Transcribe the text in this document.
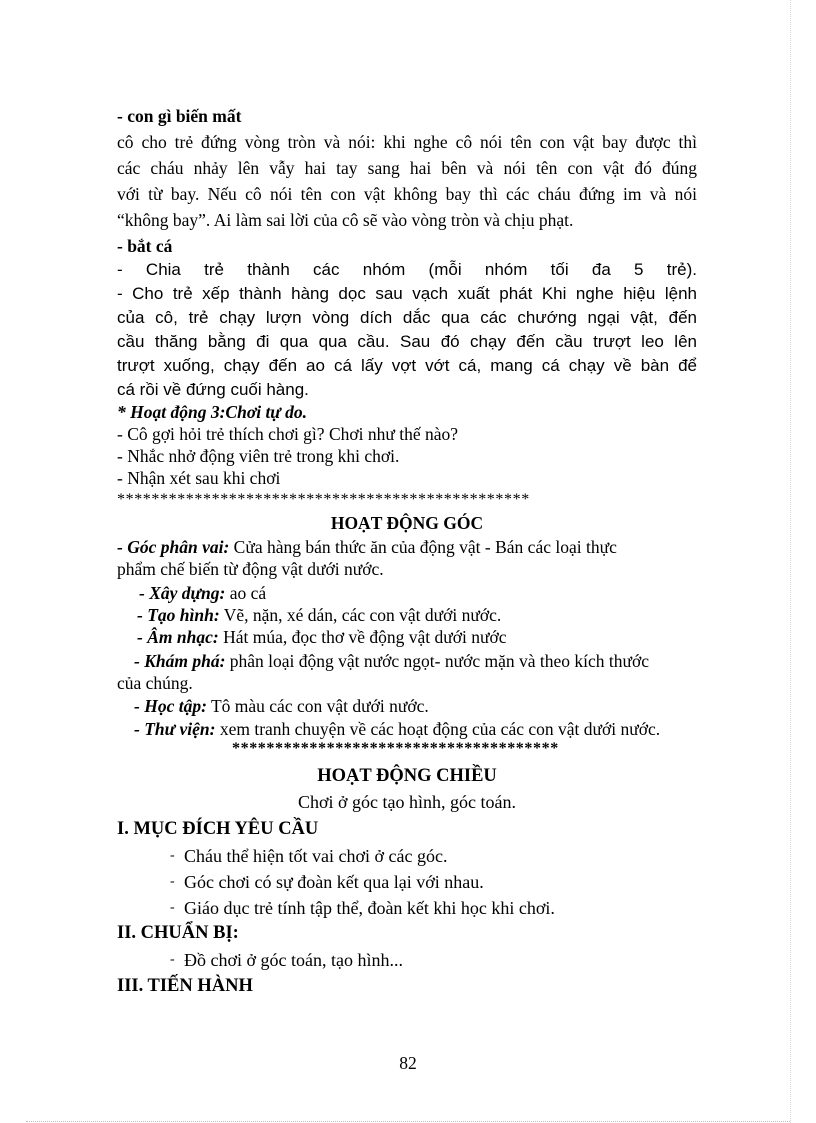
- con gì biến mất
cô cho trẻ đứng vòng tròn và nói: khi nghe cô nói tên con vật bay được thì
các cháu nhảy lên vẫy hai tay sang hai bên và nói tên con vật đó đúng
với từ bay. Nếu cô nói tên con vật không bay thì các cháu đứng im và nói
“không bay”. Ai làm sai lời của cô sẽ vào vòng tròn và chịu phạt.
- bắt cá
- Chia trẻ thành các nhóm (mỗi nhóm tối đa 5 trẻ).
- Cho trẻ xếp thành hàng dọc sau vạch xuất phát Khi nghe hiệu lệnh
của cô, trẻ chạy lượn vòng dích dắc qua các chướng ngại vật, đến
cầu thăng bằng đi qua qua cầu. Sau đó chạy đến cầu trượt leo lên
trượt xuống, chạy đến ao cá lấy vợt vớt cá, mang cá chạy về bàn để
cá rồi về đứng cuối hàng.
* Hoạt động 3:Chơi tự do.
- Cô gợi hỏi trẻ thích chơi gì? Chơi như thế nào?
- Nhắc nhở động viên trẻ trong khi chơi.
- Nhận xét sau khi chơi
************************************************
HOẠT ĐỘNG GÓC
- Góc phân vai: Cửa hàng bán thức ăn của động vật - Bán các loại thực
phẩm chế biến từ động vật dưới nước.
- Xây dựng: ao cá
- Tạo hình: Vẽ, nặn, xé dán, các con vật dưới nước.
- Âm nhạc: Hát múa, đọc thơ về động vật dưới nước
- Khám phá: phân loại động vật nước ngọt- nước mặn và theo kích thước
của chúng.
- Học tập: Tô màu các con vật dưới nước.
- Thư viện: xem tranh chuyện về các hoạt động của các con vật dưới nước.
**************************************
HOẠT ĐỘNG CHIỀU
Chơi ở góc tạo hình, góc toán.
I. MỤC ĐÍCH YÊU CẦU
- Cháu thể hiện tốt vai chơi ở các góc.
- Góc chơi có sự đoàn kết qua lại với nhau.
- Giáo dục trẻ tính tập thể, đoàn kết khi học khi chơi.
II. CHUẨN BỊ:
- Đồ chơi ở góc toán, tạo hình...
III. TIẾN HÀNH
82
